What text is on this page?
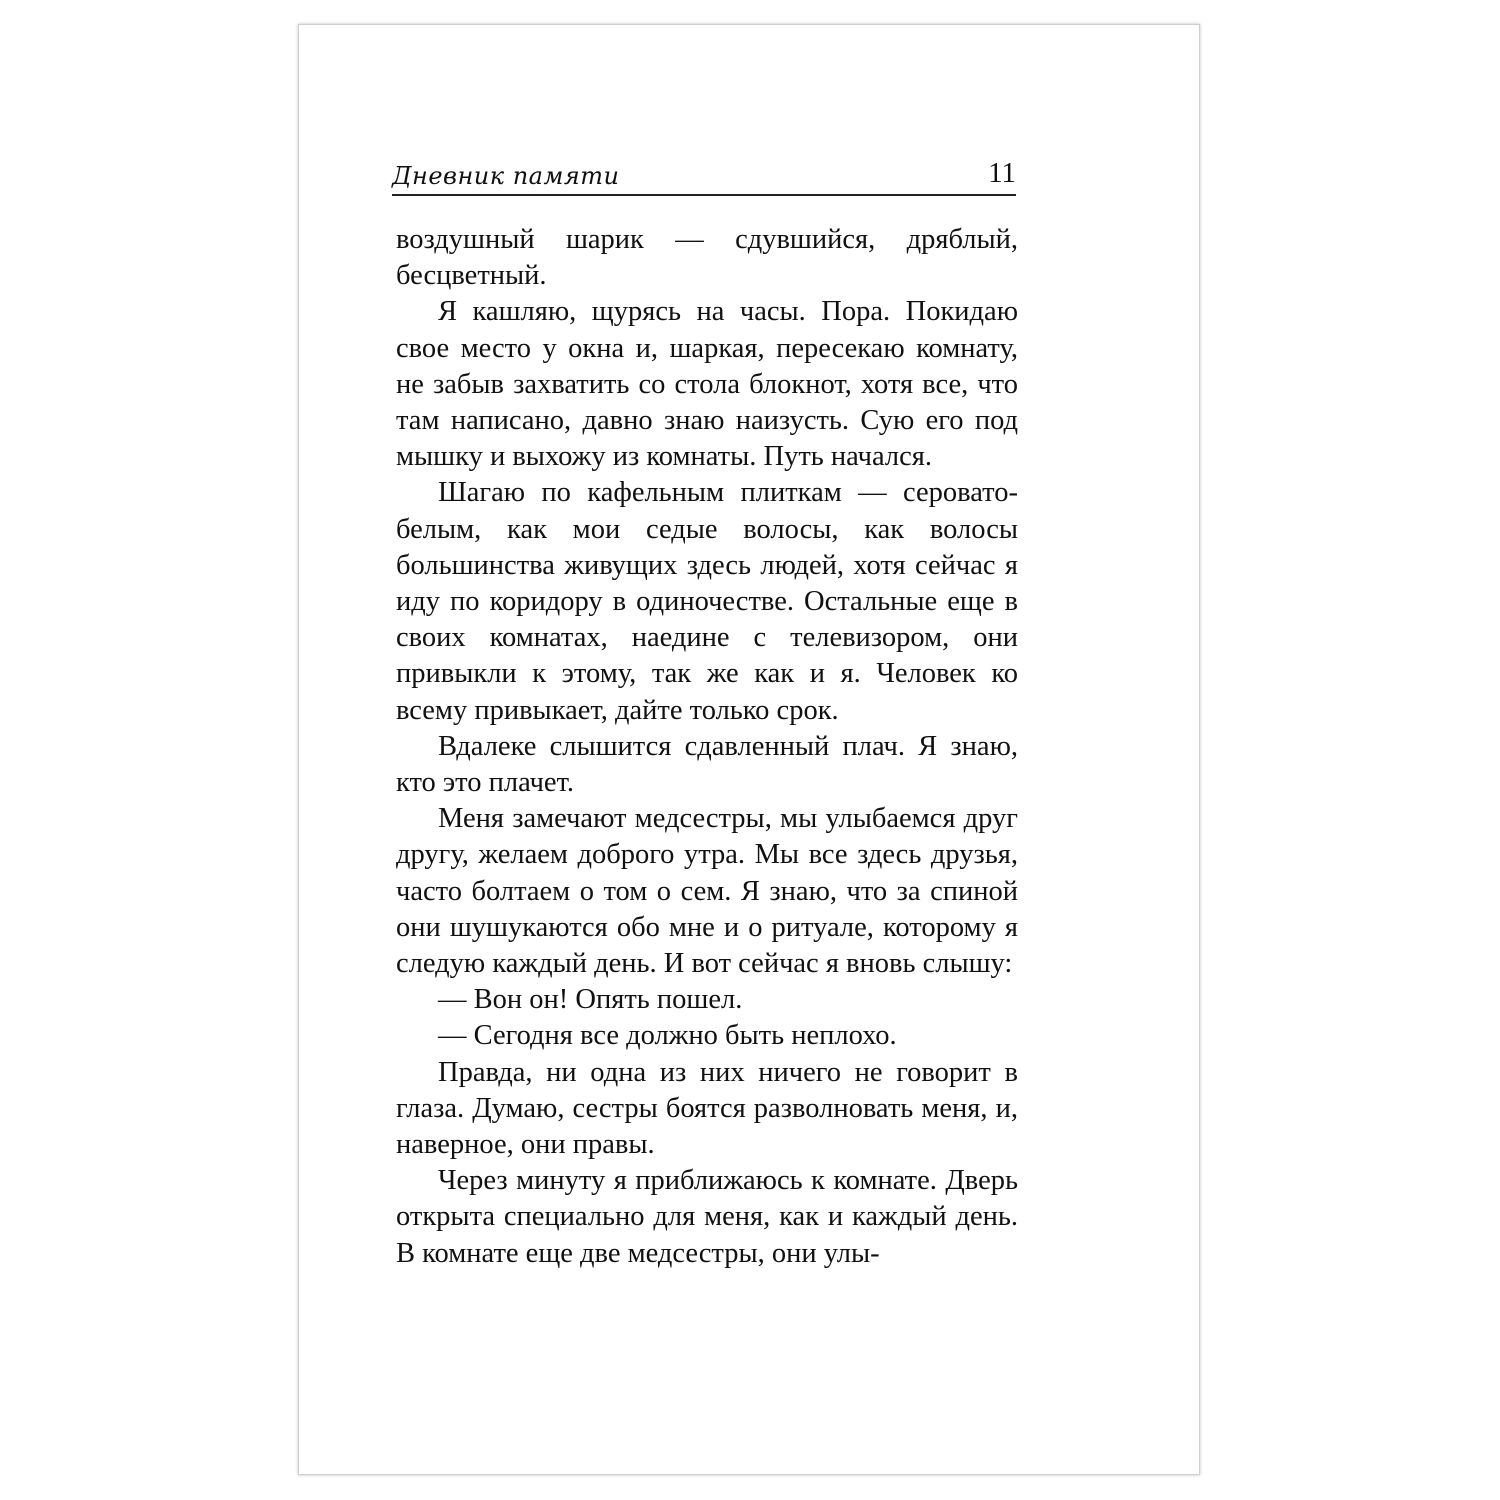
Дневник памяти	11

воздушный шарик — сдувшийся, дряблый, бесцветный.

Я кашляю, щурясь на часы. Пора. Покидаю свое место у окна и, шаркая, пересекаю комнату, не забыв захватить со стола блокнот, хотя все, что там написано, давно знаю наизусть. Сую его под мышку и выхожу из комнаты. Путь начался.

Шагаю по кафельным плиткам — серовато-белым, как мои седые волосы, как волосы большинства живущих здесь людей, хотя сейчас я иду по коридору в одиночестве. Остальные еще в своих комнатах, наедине с телевизором, они привыкли к этому, так же как и я. Человек ко всему привыкает, дайте только срок.

Вдалеке слышится сдавленный плач. Я знаю, кто это плачет.

Меня замечают медсестры, мы улыбаемся друг другу, желаем доброго утра. Мы все здесь друзья, часто болтаем о том о сем. Я знаю, что за спиной они шушукаются обо мне и о ритуале, которому я следую каждый день. И вот сейчас я вновь слышу:

— Вон он! Опять пошел.

— Сегодня все должно быть неплохо.

Правда, ни одна из них ничего не говорит в глаза. Думаю, сестры боятся разволновать меня, и, наверное, они правы.

Через минуту я приближаюсь к комнате. Дверь открыта специально для меня, как и каждый день. В комнате еще две медсестры, они улы-
